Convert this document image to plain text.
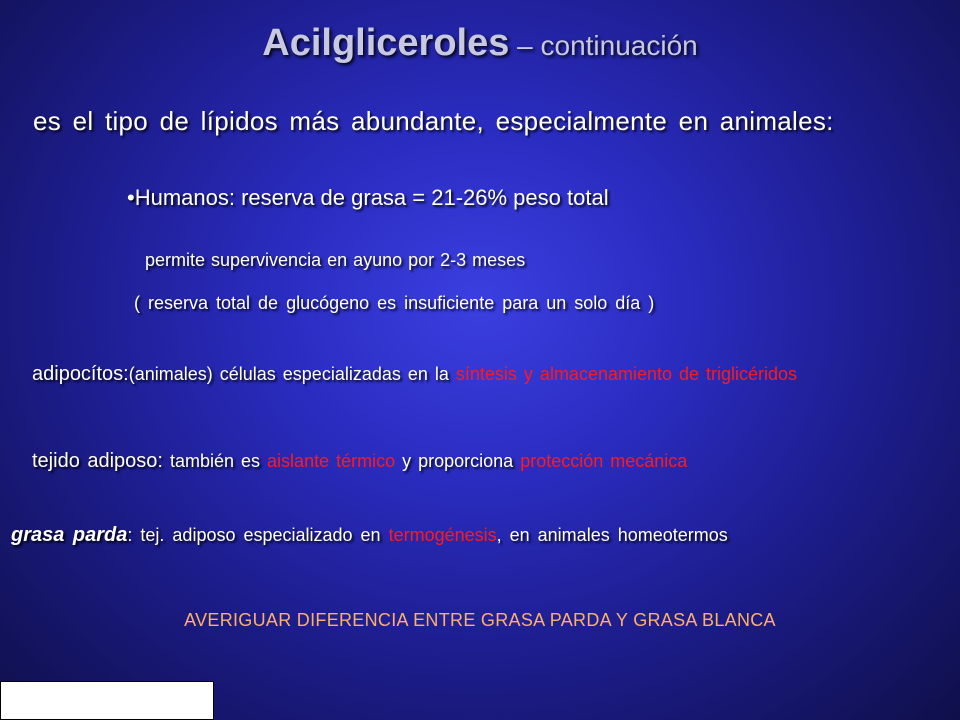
Acilgliceroles – continuación
es el tipo de lípidos más abundante, especialmente en animales:
•Humanos: reserva de grasa = 21-26% peso total
permite supervivencia en ayuno por 2-3 meses
( reserva total de glucógeno es insuficiente para un solo día )
adipocítos:(animales) células especializadas en la síntesis y almacenamiento de triglicéridos
tejido adiposo: también es aislante térmico y proporciona protección mecánica
grasa parda: tej. adiposo especializado en termogénesis, en animales homeotermos
AVERIGUAR DIFERENCIA ENTRE GRASA PARDA Y GRASA BLANCA
